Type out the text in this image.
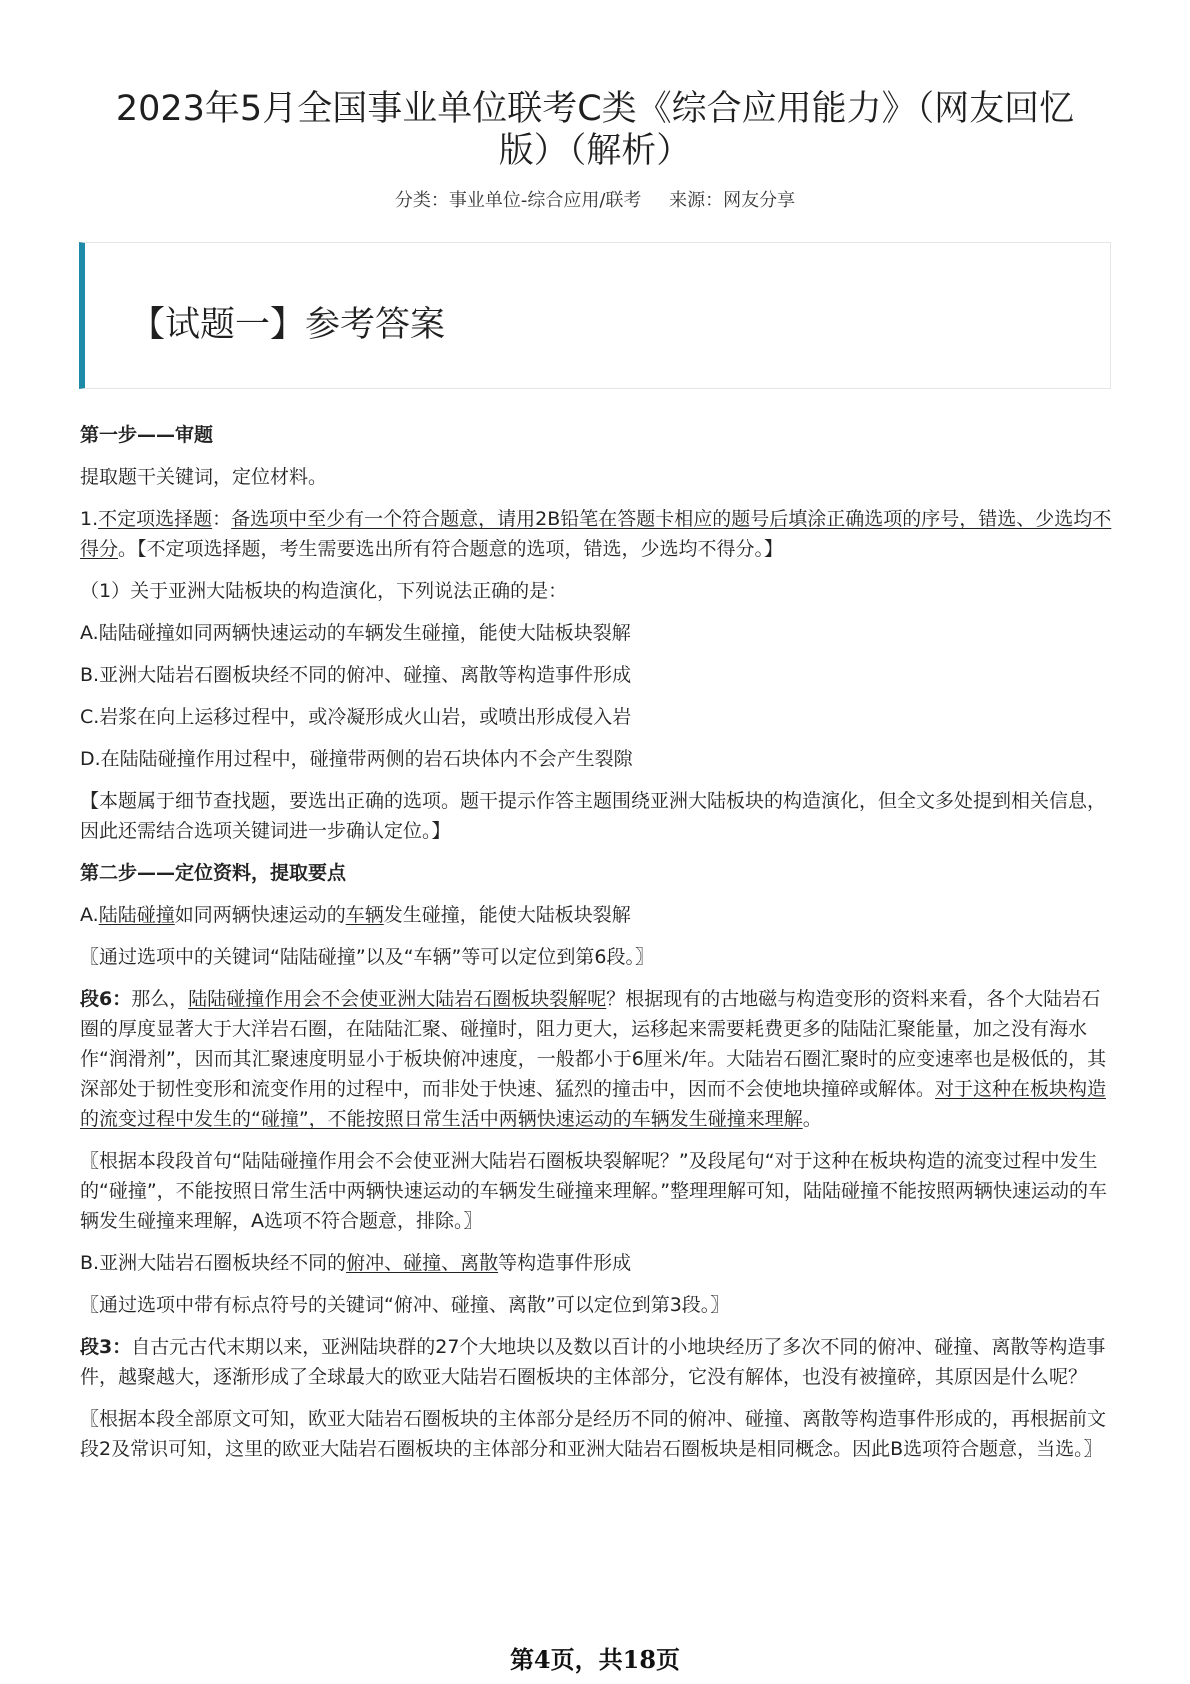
2023年5月全国事业单位联考C类《综合应用能力》（网友回忆版）（解析）
分类：事业单位-综合应用/联考 来源：网友分享
【试题一】参考答案

第一步——审题

提取题干关键词，定位材料。

1.不定项选择题：备选项中至少有一个符合题意，请用2B铅笔在答题卡相应的题号后填涂正确选项的序号，错选、少选均不得分。【不定项选择题，考生需要选出所有符合题意的选项，错选，少选均不得分。】

（1）关于亚洲大陆板块的构造演化，下列说法正确的是：

A.陆陆碰撞如同两辆快速运动的车辆发生碰撞，能使大陆板块裂解

B.亚洲大陆岩石圈板块经不同的俯冲、碰撞、离散等构造事件形成

C.岩浆在向上运移过程中，或冷凝形成火山岩，或喷出形成侵入岩

D.在陆陆碰撞作用过程中，碰撞带两侧的岩石块体内不会产生裂隙

【本题属于细节查找题，要选出正确的选项。题干提示作答主题围绕亚洲大陆板块的构造演化，但全文多处提到相关信息，因此还需结合选项关键词进一步确认定位。】

第二步——定位资料，提取要点

A.陆陆碰撞如同两辆快速运动的车辆发生碰撞，能使大陆板块裂解

〖通过选项中的关键词“陆陆碰撞”以及“车辆”等可以定位到第6段。〗

段6：那么，陆陆碰撞作用会不会使亚洲大陆岩石圈板块裂解呢？根据现有的古地磁与构造变形的资料来看，各个大陆岩石圈的厚度显著大于大洋岩石圈，在陆陆汇聚、碰撞时，阻力更大，运移起来需要耗费更多的陆陆汇聚能量，加之没有海水作“润滑剂”，因而其汇聚速度明显小于板块俯冲速度，一般都小于6厘米/年。大陆岩石圈汇聚时的应变速率也是极低的，其深部处于韧性变形和流变作用的过程中，而非处于快速、猛烈的撞击中，因而不会使地块撞碎或解体。对于这种在板块构造的流变过程中发生的“碰撞”，不能按照日常生活中两辆快速运动的车辆发生碰撞来理解。

〖根据本段段首句“陆陆碰撞作用会不会使亚洲大陆岩石圈板块裂解呢？”及段尾句“对于这种在板块构造的流变过程中发生的“碰撞”，不能按照日常生活中两辆快速运动的车辆发生碰撞来理解。”整理理解可知，陆陆碰撞不能按照两辆快速运动的车辆发生碰撞来理解，A选项不符合题意，排除。〗

B.亚洲大陆岩石圈板块经不同的俯冲、碰撞、离散等构造事件形成

〖通过选项中带有标点符号的关键词“俯冲、碰撞、离散”可以定位到第3段。〗

段3：自古元古代末期以来，亚洲陆块群的27个大地块以及数以百计的小地块经历了多次不同的俯冲、碰撞、离散等构造事件，越聚越大，逐渐形成了全球最大的欧亚大陆岩石圈板块的主体部分，它没有解体，也没有被撞碎，其原因是什么呢？

〖根据本段全部原文可知，欧亚大陆岩石圈板块的主体部分是经历不同的俯冲、碰撞、离散等构造事件形成的，再根据前文段2及常识可知，这里的欧亚大陆岩石圈板块的主体部分和亚洲大陆岩石圈板块是相同概念。因此B选项符合题意，当选。〗

第4页，共18页
